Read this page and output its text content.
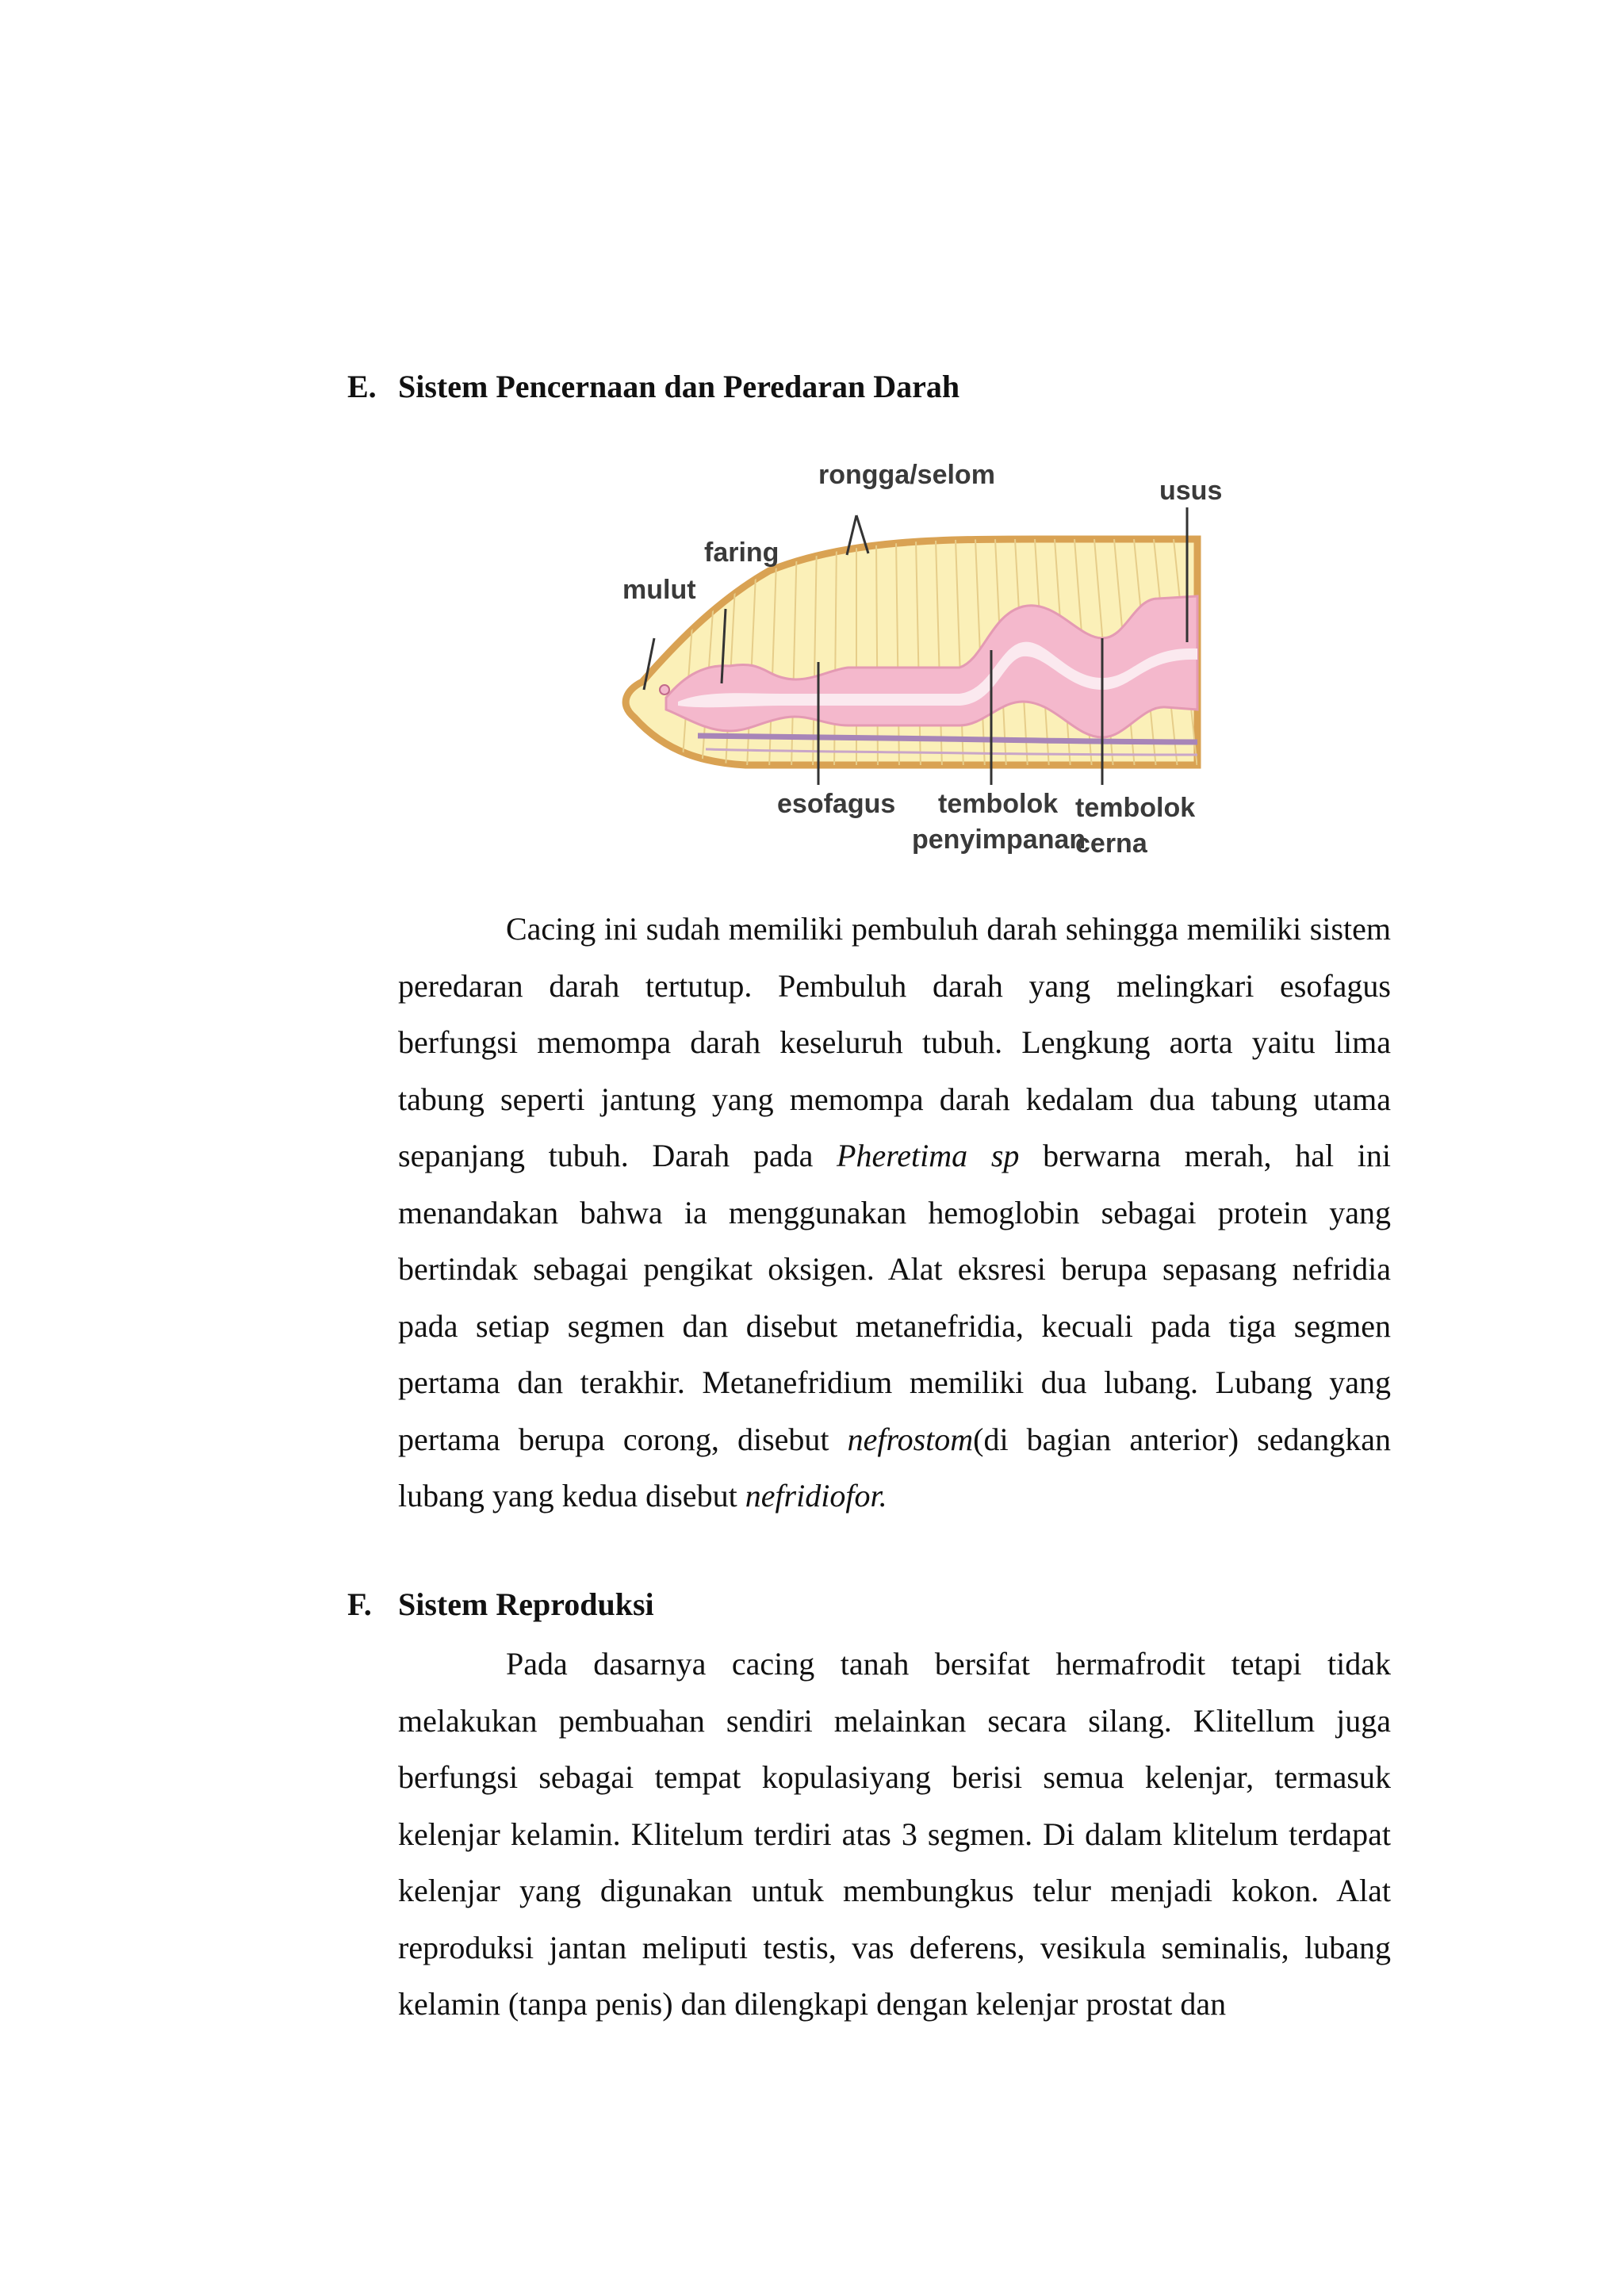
E. Sistem Pencernaan dan Peredaran Darah
rongga/selom
usus
faring
mulut
esofagus tembolok
penyimpanan
tembolok
cerna
Cacing ini sudah memiliki pembuluh darah sehingga memiliki sistem peredaran darah tertutup. Pembuluh darah yang melingkari esofagus berfungsi memompa darah keseluruh tubuh. Lengkung aorta yaitu lima tabung seperti jantung yang memompa darah kedalam dua tabung utama sepanjang tubuh. Darah pada Pheretima sp berwarna merah, hal ini menandakan bahwa ia menggunakan hemoglobin sebagai protein yang bertindak sebagai pengikat oksigen. Alat eksresi berupa sepasang nefridia pada setiap segmen dan disebut metanefridia, kecuali pada tiga segmen pertama dan terakhir. Metanefridium memiliki dua lubang. Lubang yang pertama berupa corong, disebut nefrostom(di bagian anterior) sedangkan lubang yang kedua disebut nefridiofor.
F. Sistem Reproduksi
Pada dasarnya cacing tanah bersifat hermafrodit tetapi tidak melakukan pembuahan sendiri melainkan secara silang. Klitellum juga berfungsi sebagai tempat kopulasiyang berisi semua kelenjar, termasuk kelenjar kelamin. Klitelum terdiri atas 3 segmen. Di dalam klitelum terdapat kelenjar yang digunakan untuk membungkus telur menjadi kokon. Alat reproduksi jantan meliputi testis, vas deferens, vesikula seminalis, lubang kelamin (tanpa penis) dan dilengkapi dengan kelenjar prostat dan
